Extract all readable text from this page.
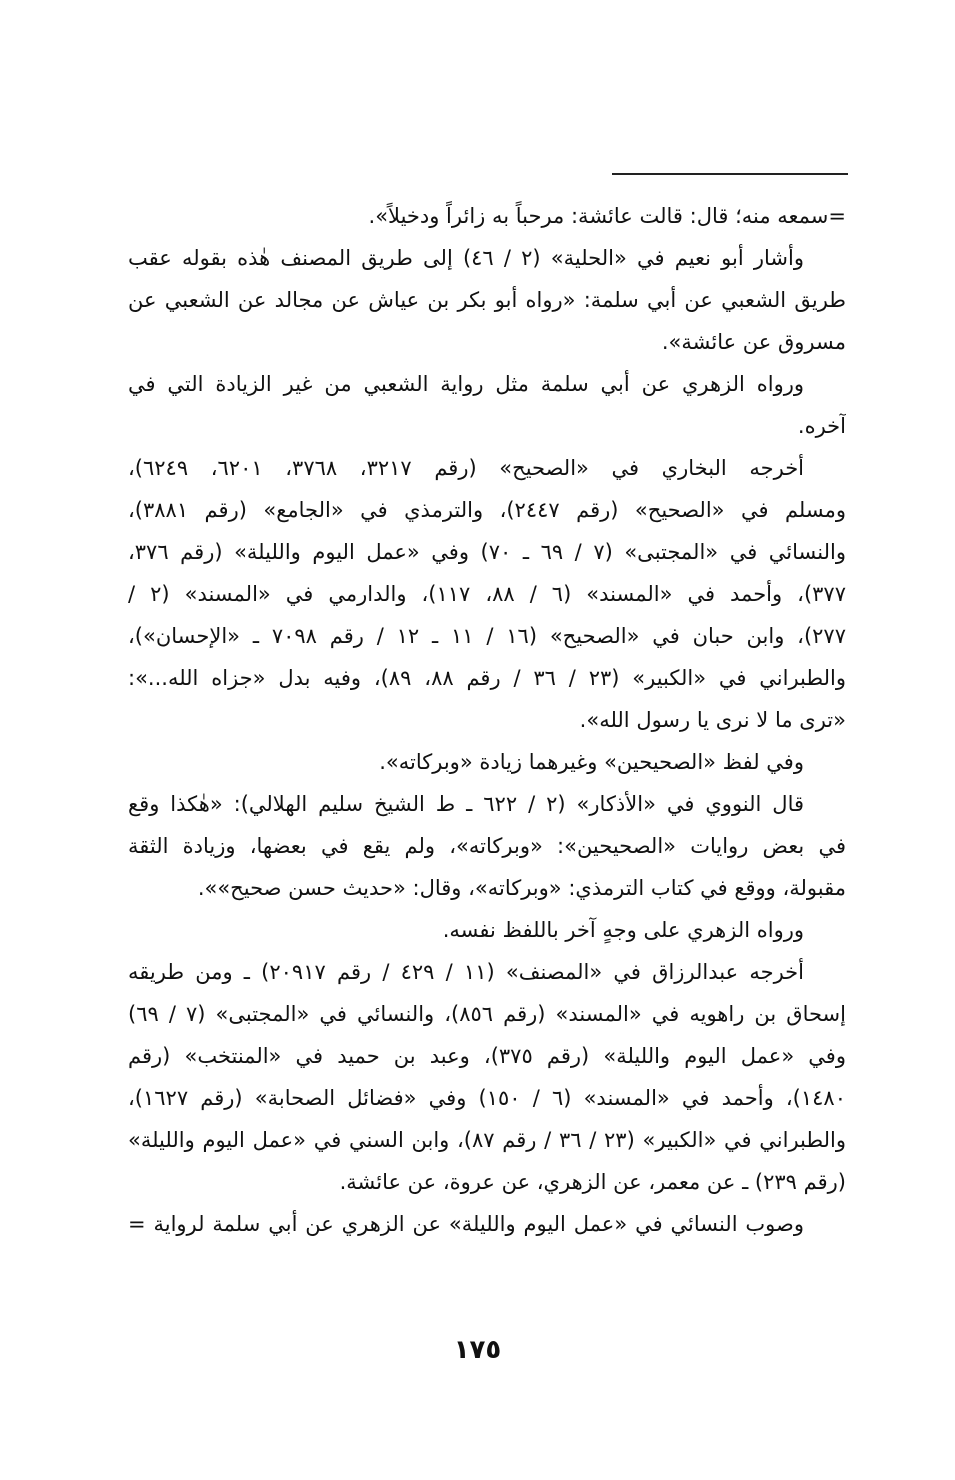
=سمعه منه؛ قال: قالت عائشة: مرحباً به زائراً ودخيلاً».
وأشار أبو نعيم في «الحلية» (٢ / ٤٦) إلى طريق المصنف هٰذه بقوله عقب
طريق الشعبي عن أبي سلمة: «رواه أبو بكر بن عياش عن مجالد عن الشعبي عن
مسروق عن عائشة».
ورواه الزهري عن أبي سلمة مثل رواية الشعبي من غير الزيادة التي في
آخره.
أخرجه البخاري في «الصحيح» (رقم ٣٢١٧، ٣٧٦٨، ٦٢٠١، ٦٢٤٩)،
ومسلم في «الصحيح» (رقم ٢٤٤٧)، والترمذي في «الجامع» (رقم ٣٨٨١)،
والنسائي في «المجتبى» (٧ / ٦٩ ـ ٧٠) وفي «عمل اليوم والليلة» (رقم ٣٧٦،
٣٧٧)، وأحمد في «المسند» (٦ / ٨٨، ١١٧)، والدارمي في «المسند» (٢ /
٢٧٧)، وابن حبان في «الصحيح» (١٦ / ١١ ـ ١٢ / رقم ٧٠٩٨ ـ «الإحسان»)،
والطبراني في «الكبير» (٢٣ / ٣٦ / رقم ٨٨، ٨٩)، وفيه بدل «جزاه الله...»:
«ترى ما لا نرى يا رسول الله».
وفي لفظ «الصحيحين» وغيرهما زيادة «وبركاته».
قال النووي في «الأذكار» (٢ / ٦٢٢ ـ ط الشيخ سليم الهلالي): «هٰكذا وقع
في بعض روايات «الصحيحين»: «وبركاته»، ولم يقع في بعضها، وزيادة الثقة
مقبولة، ووقع في كتاب الترمذي: «وبركاته»، وقال: «حديث حسن صحيح»».
ورواه الزهري على وجهٍ آخر باللفظ نفسه.
أخرجه عبدالرزاق في «المصنف» (١١ / ٤٢٩ / رقم ٢٠٩١٧) ـ ومن طريقه
إسحاق بن راهويه في «المسند» (رقم ٨٥٦)، والنسائي في «المجتبى» (٧ / ٦٩)
وفي «عمل اليوم والليلة» (رقم ٣٧٥)، وعبد بن حميد في «المنتخب» (رقم
١٤٨٠)، وأحمد في «المسند» (٦ / ١٥٠) وفي «فضائل الصحابة» (رقم ١٦٢٧)،
والطبراني في «الكبير» (٢٣ / ٣٦ / رقم ٨٧)، وابن السني في «عمل اليوم والليلة»
(رقم ٢٣٩) ـ عن معمر، عن الزهري، عن عروة، عن عائشة.
وصوب النسائي في «عمل اليوم والليلة» عن الزهري عن أبي سلمة لرواية =
١٧٥
